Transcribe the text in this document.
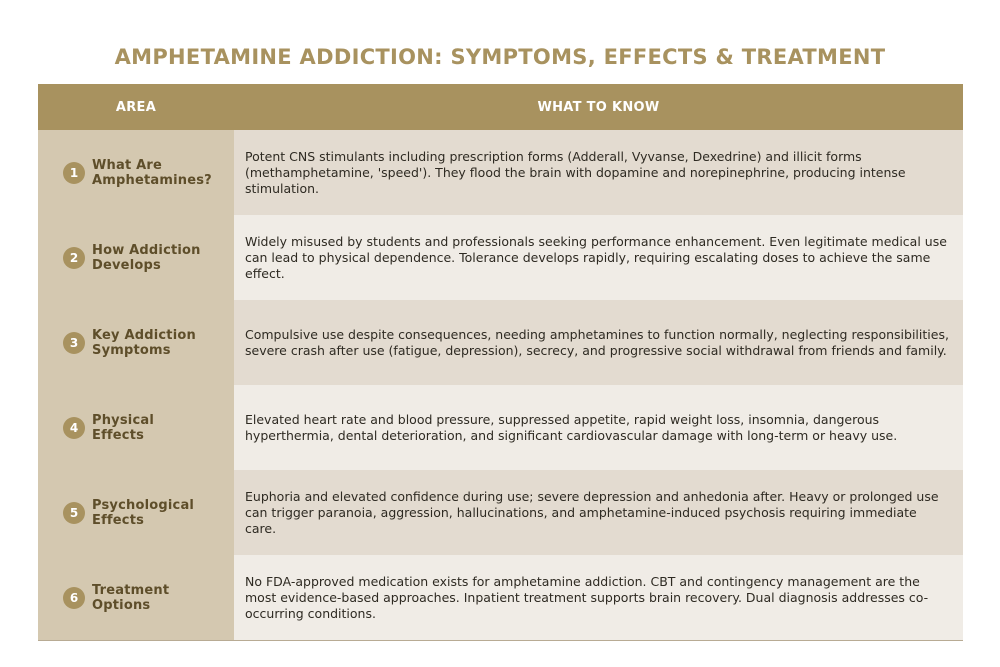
AMPHETAMINE ADDICTION: SYMPTOMS, EFFECTS & TREATMENT
AREA	WHAT TO KNOW
1	What Are
Amphetamines?
Potent CNS stimulants including prescription forms (Adderall, Vyvanse, Dexedrine) and illicit forms (methamphetamine, 'speed'). They flood the brain with dopamine and norepinephrine, producing intense stimulation.
2	How Addiction
Develops
Widely misused by students and professionals seeking performance enhancement. Even legitimate medical use can lead to physical dependence. Tolerance develops rapidly, requiring escalating doses to achieve the same effect.
3	Key Addiction
Symptoms
Compulsive use despite consequences, needing amphetamines to function normally, neglecting responsibilities, severe crash after use (fatigue, depression), secrecy, and progressive social withdrawal from friends and family.
4	Physical
Effects
Elevated heart rate and blood pressure, suppressed appetite, rapid weight loss, insomnia, dangerous hyperthermia, dental deterioration, and significant cardiovascular damage with long-term or heavy use.
5	Psychological
Effects
Euphoria and elevated confidence during use; severe depression and anhedonia after. Heavy or prolonged use can trigger paranoia, aggression, hallucinations, and amphetamine-induced psychosis requiring immediate care.
6	Treatment
Options
No FDA-approved medication exists for amphetamine addiction. CBT and contingency management are the most evidence-based approaches. Inpatient treatment supports brain recovery. Dual diagnosis addresses co-occurring conditions.
